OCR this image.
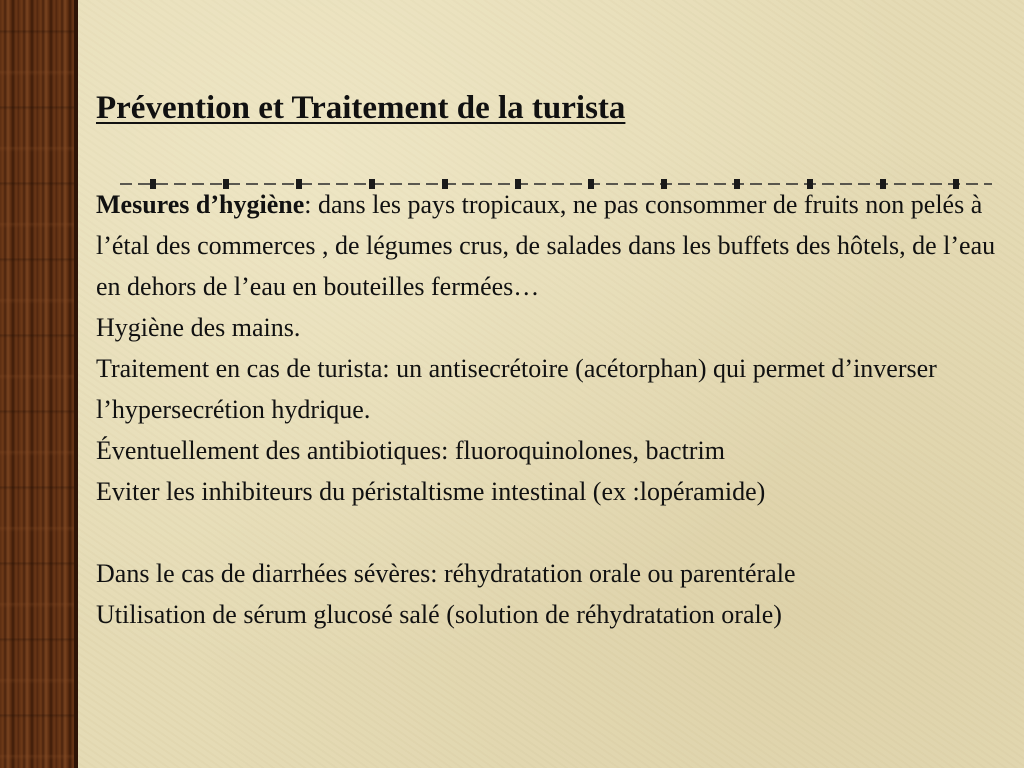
Prévention et Traitement de la turista

Mesures d’hygiène: dans les pays tropicaux, ne pas consommer de fruits non pelés à l’étal des commerces , de légumes crus, de salades dans les buffets des hôtels, de l’eau en dehors de l’eau en bouteilles fermées…

Hygiène des mains.

Traitement en cas de turista: un antisecrétoire (acétorphan) qui permet d’inverser l’hypersecrétion hydrique.

Éventuellement des antibiotiques: fluoroquinolones, bactrim

Eviter les inhibiteurs du péristaltisme intestinal (ex :lopéramide)

Dans le cas de diarrhées sévères: réhydratation orale ou parentérale

Utilisation de sérum glucosé salé (solution de réhydratation orale)
